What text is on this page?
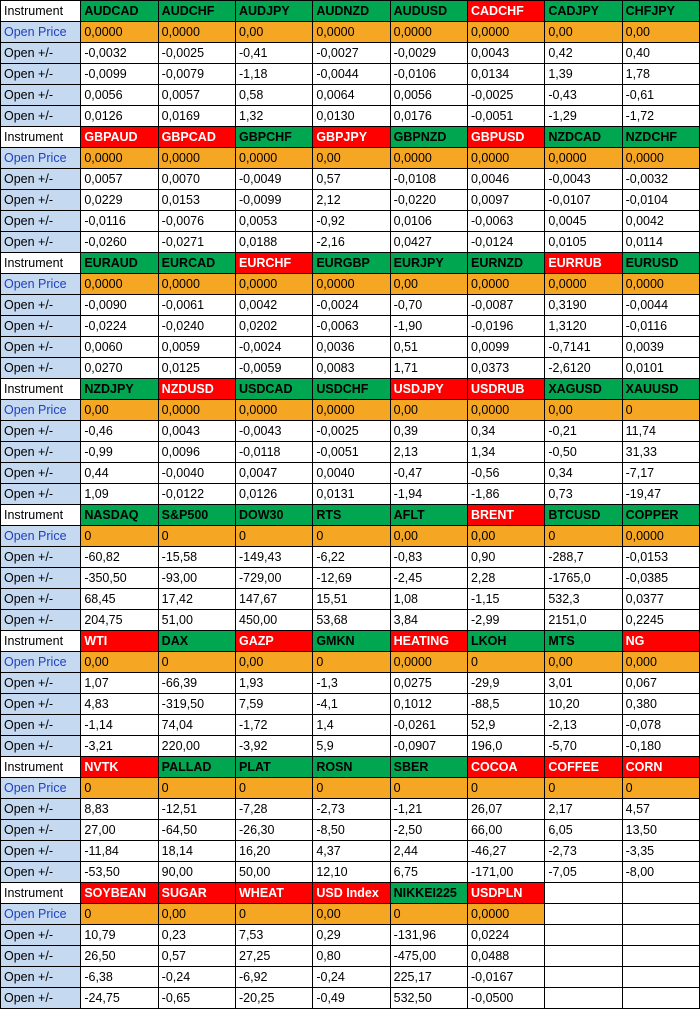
Instrument	AUDCAD	AUDCHF	AUDJPY	AUDNZD	AUDUSD	CADCHF	CADJPY	CHFJPY
Open Price	0,0000	0,0000	0,00	0,0000	0,0000	0,0000	0,00	0,00
Open +/-	-0,0032	-0,0025	-0,41	-0,0027	-0,0029	0,0043	0,42	0,40
Open +/-	-0,0099	-0,0079	-1,18	-0,0044	-0,0106	0,0134	1,39	1,78
Open +/-	0,0056	0,0057	0,58	0,0064	0,0056	-0,0025	-0,43	-0,61
Open +/-	0,0126	0,0169	1,32	0,0130	0,0176	-0,0051	-1,29	-1,72
Instrument	GBPAUD	GBPCAD	GBPCHF	GBPJPY	GBPNZD	GBPUSD	NZDCAD	NZDCHF
Open Price	0,0000	0,0000	0,0000	0,00	0,0000	0,0000	0,0000	0,0000
Open +/-	0,0057	0,0070	-0,0049	0,57	-0,0108	0,0046	-0,0043	-0,0032
Open +/-	0,0229	0,0153	-0,0099	2,12	-0,0220	0,0097	-0,0107	-0,0104
Open +/-	-0,0116	-0,0076	0,0053	-0,92	0,0106	-0,0063	0,0045	0,0042
Open +/-	-0,0260	-0,0271	0,0188	-2,16	0,0427	-0,0124	0,0105	0,0114
Instrument	EURAUD	EURCAD	EURCHF	EURGBP	EURJPY	EURNZD	EURRUB	EURUSD
Open Price	0,0000	0,0000	0,0000	0,0000	0,00	0,0000	0,0000	0,0000
Open +/-	-0,0090	-0,0061	0,0042	-0,0024	-0,70	-0,0087	0,3190	-0,0044
Open +/-	-0,0224	-0,0240	0,0202	-0,0063	-1,90	-0,0196	1,3120	-0,0116
Open +/-	0,0060	0,0059	-0,0024	0,0036	0,51	0,0099	-0,7141	0,0039
Open +/-	0,0270	0,0125	-0,0059	0,0083	1,71	0,0373	-2,6120	0,0101
Instrument	NZDJPY	NZDUSD	USDCAD	USDCHF	USDJPY	USDRUB	XAGUSD	XAUUSD
Open Price	0,00	0,0000	0,0000	0,0000	0,00	0,0000	0,00	0
Open +/-	-0,46	0,0043	-0,0043	-0,0025	0,39	0,34	-0,21	11,74
Open +/-	-0,99	0,0096	-0,0118	-0,0051	2,13	1,34	-0,50	31,33
Open +/-	0,44	-0,0040	0,0047	0,0040	-0,47	-0,56	0,34	-7,17
Open +/-	1,09	-0,0122	0,0126	0,0131	-1,94	-1,86	0,73	-19,47
Instrument	NASDAQ	S&P500	DOW30	RTS	AFLT	BRENT	BTCUSD	COPPER
Open Price	0	0	0	0	0,00	0,00	0	0,0000
Open +/-	-60,82	-15,58	-149,43	-6,22	-0,83	0,90	-288,7	-0,0153
Open +/-	-350,50	-93,00	-729,00	-12,69	-2,45	2,28	-1765,0	-0,0385
Open +/-	68,45	17,42	147,67	15,51	1,08	-1,15	532,3	0,0377
Open +/-	204,75	51,00	450,00	53,68	3,84	-2,99	2151,0	0,2245
Instrument	WTI	DAX	GAZP	GMKN	HEATING	LKOH	MTS	NG
Open Price	0,00	0	0,00	0	0,0000	0	0,00	0,000
Open +/-	1,07	-66,39	1,93	-1,3	0,0275	-29,9	3,01	0,067
Open +/-	4,83	-319,50	7,59	-4,1	0,1012	-88,5	10,20	0,380
Open +/-	-1,14	74,04	-1,72	1,4	-0,0261	52,9	-2,13	-0,078
Open +/-	-3,21	220,00	-3,92	5,9	-0,0907	196,0	-5,70	-0,180
Instrument	NVTK	PALLAD	PLAT	ROSN	SBER	COCOA	COFFEE	CORN
Open Price	0	0	0	0	0	0	0	0
Open +/-	8,83	-12,51	-7,28	-2,73	-1,21	26,07	2,17	4,57
Open +/-	27,00	-64,50	-26,30	-8,50	-2,50	66,00	6,05	13,50
Open +/-	-11,84	18,14	16,20	4,37	2,44	-46,27	-2,73	-3,35
Open +/-	-53,50	90,00	50,00	12,10	6,75	-171,00	-7,05	-8,00
Instrument	SOYBEAN	SUGAR	WHEAT	USD Index	NIKKEI225	USDPLN		
Open Price	0	0,00	0	0,00	0	0,0000		
Open +/-	10,79	0,23	7,53	0,29	-131,96	0,0224		
Open +/-	26,50	0,57	27,25	0,80	-475,00	0,0488		
Open +/-	-6,38	-0,24	-6,92	-0,24	225,17	-0,0167		
Open +/-	-24,75	-0,65	-20,25	-0,49	532,50	-0,0500		
